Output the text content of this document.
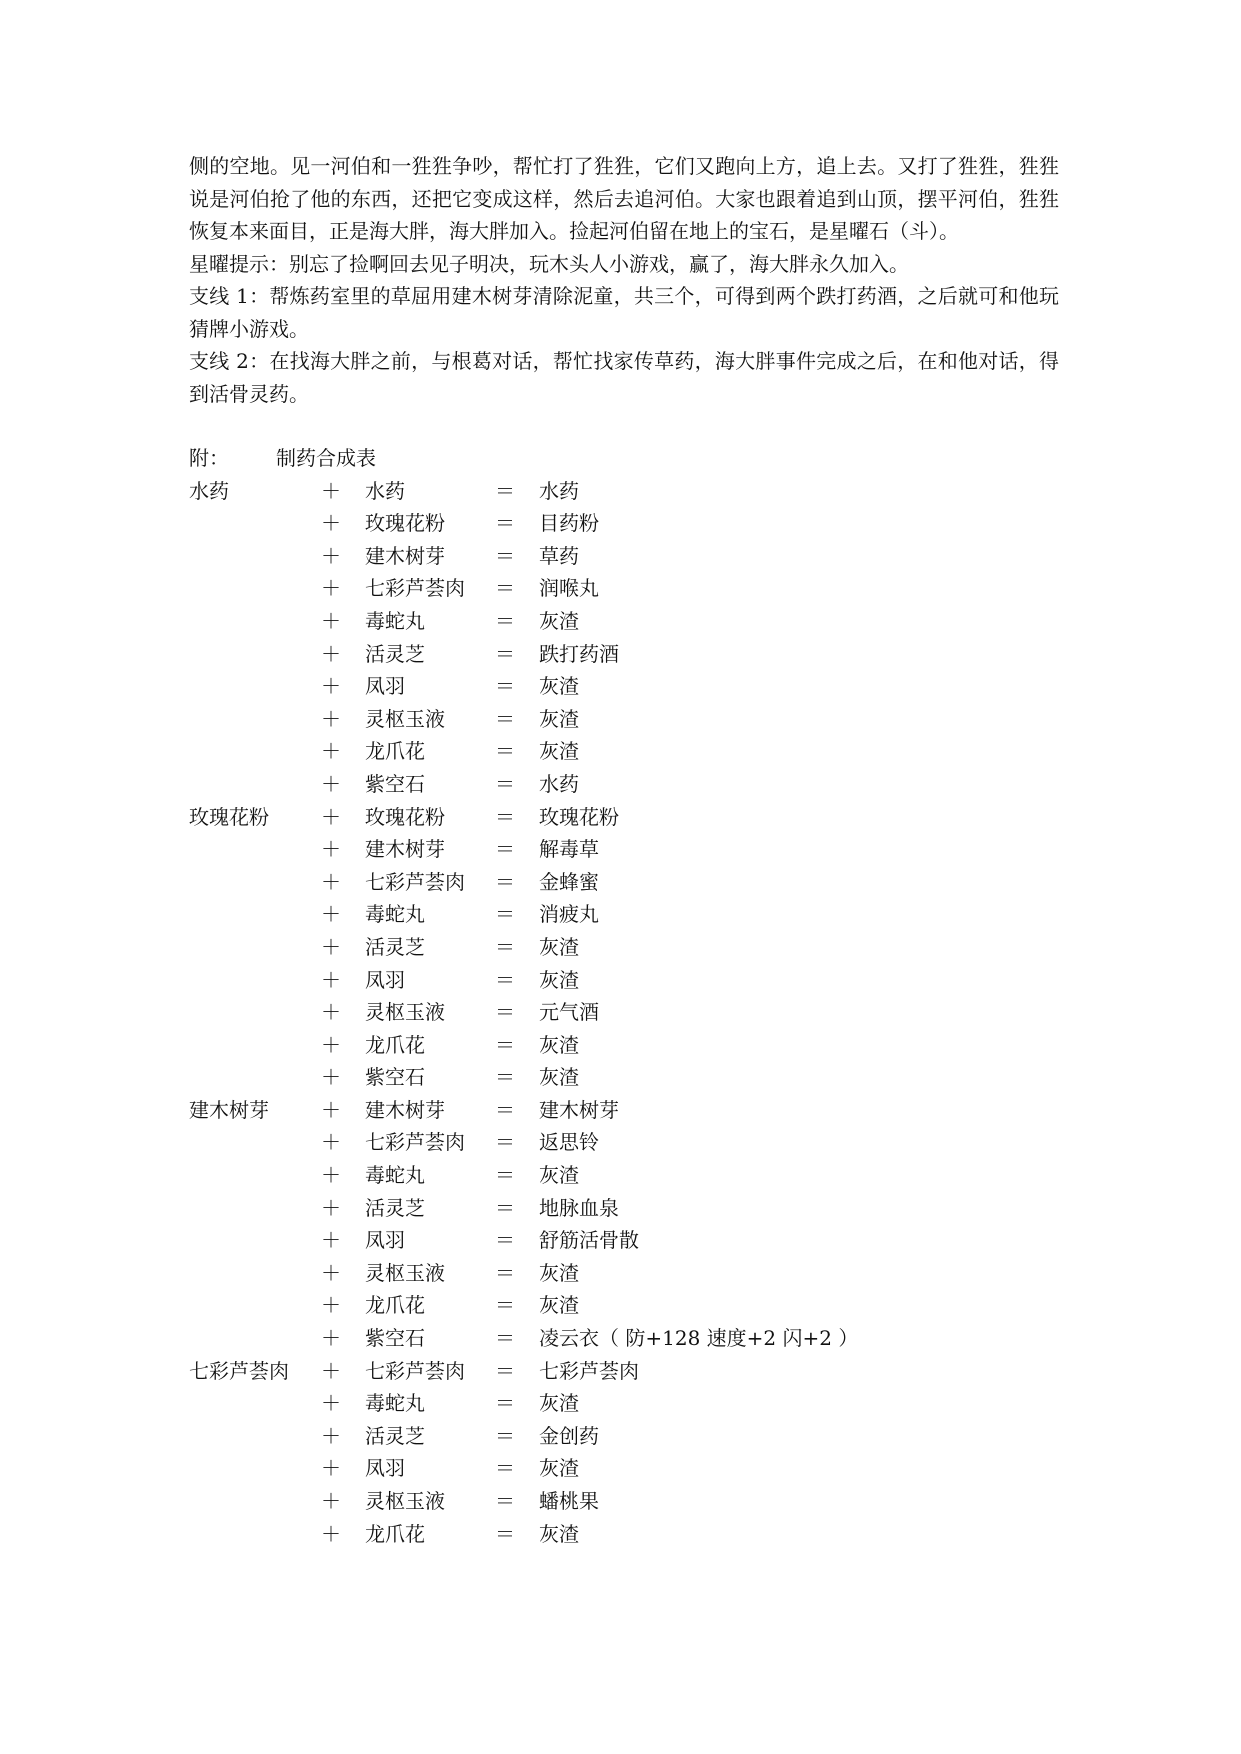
侧的空地。见一河伯和一狌狌争吵，帮忙打了狌狌，它们又跑向上方，追上去。又打了狌狌，狌狌说是河伯抢了他的东西，还把它变成这样，然后去追河伯。大家也跟着追到山顶，摆平河伯，狌狌恢复本来面目，正是海大胖，海大胖加入。捡起河伯留在地上的宝石，是星曜石（斗）。

星曜提示：别忘了捡啊回去见子明决，玩木头人小游戏，赢了，海大胖永久加入。

支线 1：帮炼药室里的草屈用建木树芽清除泥童，共三个，可得到两个跌打药酒，之后就可和他玩猜牌小游戏。

支线 2：在找海大胖之前，与根葛对话，帮忙找家传草药，海大胖事件完成之后，在和他对话，得到活骨灵药。

附： 制药合成表
水药	＋ 水药	＝ 水药
＋ 玫瑰花粉	＝ 目药粉
＋ 建木树芽	＝ 草药
＋ 七彩芦荟肉 ＝ 润喉丸
＋ 毒蛇丸	＝ 灰渣
＋ 活灵芝	＝ 跌打药酒
＋ 凤羽	＝ 灰渣
＋ 灵枢玉液	＝ 灰渣
＋ 龙爪花	＝ 灰渣
＋ 紫空石	＝ 水药
玫瑰花粉	＋ 玫瑰花粉	＝ 玫瑰花粉
＋ 建木树芽	＝ 解毒草
＋ 七彩芦荟肉 ＝ 金蜂蜜
＋ 毒蛇丸	＝ 消疲丸
＋ 活灵芝	＝ 灰渣
＋ 凤羽	＝ 灰渣
＋ 灵枢玉液	＝ 元气酒
＋ 龙爪花	＝ 灰渣
＋ 紫空石	＝ 灰渣
建木树芽	＋ 建木树芽	＝ 建木树芽
＋ 七彩芦荟肉 ＝ 返思铃
＋ 毒蛇丸	＝ 灰渣
＋ 活灵芝	＝ 地脉血泉
＋ 凤羽	＝ 舒筋活骨散
＋ 灵枢玉液	＝ 灰渣
＋ 龙爪花	＝ 灰渣
＋ 紫空石	＝ 凌云衣（ 防+128 速度+2 闪+2 ）
七彩芦荟肉 ＋ 七彩芦荟肉 ＝ 七彩芦荟肉
＋ 毒蛇丸	＝ 灰渣
＋ 活灵芝	＝ 金创药
＋ 凤羽	＝ 灰渣
＋ 灵枢玉液	＝ 蟠桃果
＋ 龙爪花	＝ 灰渣
